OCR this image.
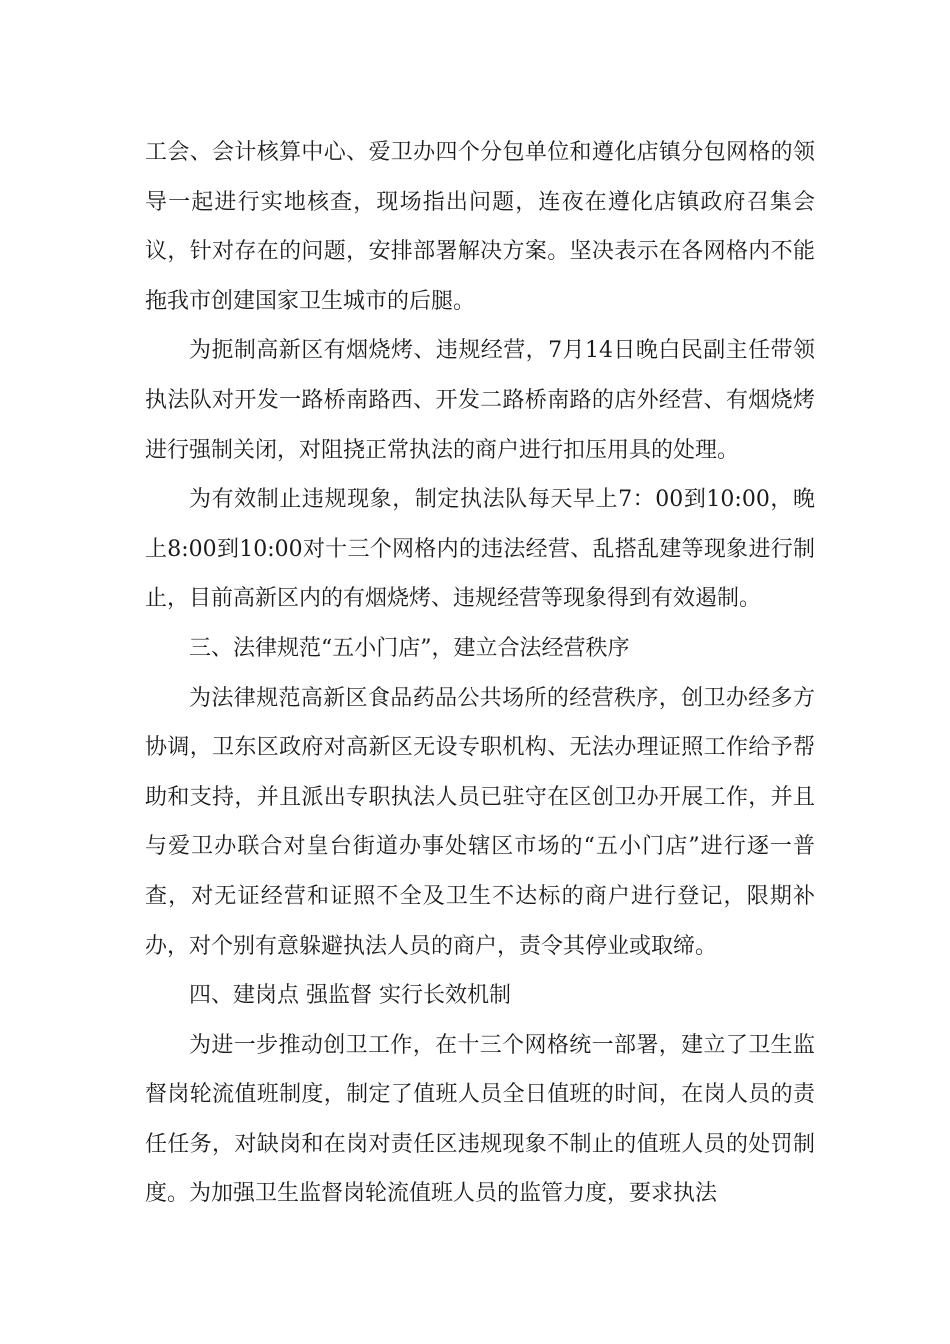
工会、会计核算中心、爱卫办四个分包单位和遵化店镇分包网格的领导一起进行实地核查，现场指出问题，连夜在遵化店镇政府召集会议，针对存在的问题，安排部署解决方案。坚决表示在各网格内不能拖我市创建国家卫生城市的后腿。

为扼制高新区有烟烧烤、违规经营，7月14日晚白民副主任带领执法队对开发一路桥南路西、开发二路桥南路的店外经营、有烟烧烤进行强制关闭，对阻挠正常执法的商户进行扣压用具的处理。

为有效制止违规现象，制定执法队每天早上7：00到10:00，晚上8:00到10:00对十三个网格内的违法经营、乱搭乱建等现象进行制止，目前高新区内的有烟烧烤、违规经营等现象得到有效遏制。

三、法律规范“五小门店”，建立合法经营秩序

为法律规范高新区食品药品公共场所的经营秩序，创卫办经多方协调，卫东区政府对高新区无设专职机构、无法办理证照工作给予帮助和支持，并且派出专职执法人员已驻守在区创卫办开展工作，并且与爱卫办联合对皇台街道办事处辖区市场的“五小门店”进行逐一普查，对无证经营和证照不全及卫生不达标的商户进行登记，限期补办，对个别有意躲避执法人员的商户，责令其停业或取缔。

四、建岗点 强监督 实行长效机制

为进一步推动创卫工作，在十三个网格统一部署，建立了卫生监督岗轮流值班制度，制定了值班人员全日值班的时间，在岗人员的责任任务，对缺岗和在岗对责任区违规现象不制止的值班人员的处罚制度。为加强卫生监督岗轮流值班人员的监管力度，要求执法
